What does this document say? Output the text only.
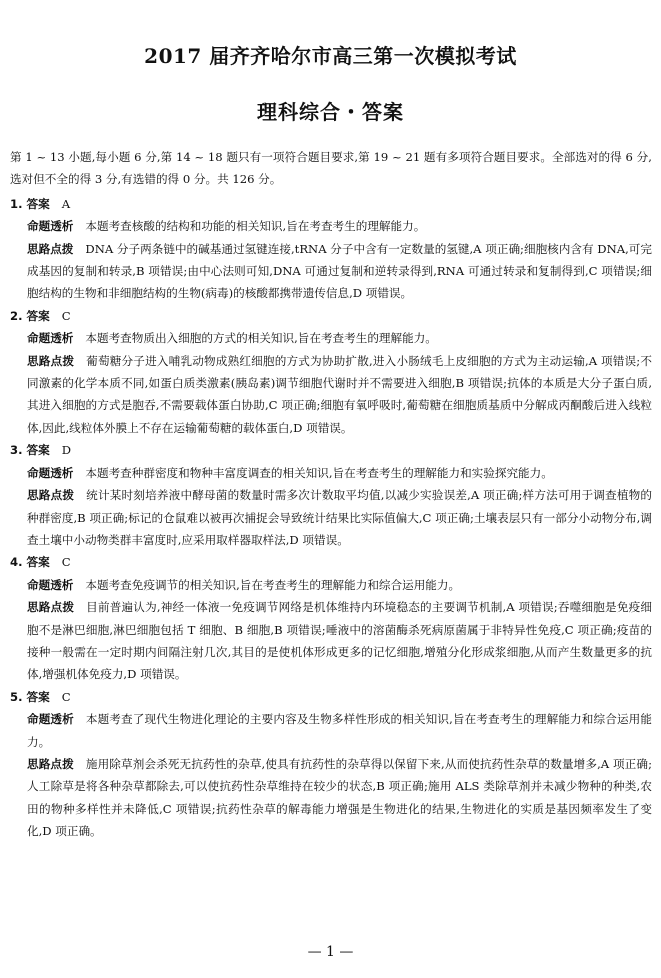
2017 届齐齐哈尔市高三第一次模拟考试
理科综合・答案

第 1 ~ 13 小题,每小题 6 分,第 14 ~ 18 题只有一项符合题目要求,第 19 ~ 21 题有多项符合题目要求。全部选对的得 6 分,选对但不全的得 3 分,有选错的得 0 分。共 126 分。

1. 答案 A

命题透析 本题考查核酸的结构和功能的相关知识,旨在考查考生的理解能力。

思路点拨 DNA 分子两条链中的碱基通过氢键连接,tRNA 分子中含有一定数量的氢键,A 项正确;细胞核内含有 DNA,可完成基因的复制和转录,B 项错误;由中心法则可知,DNA 可通过复制和逆转录得到,RNA 可通过转录和复制得到,C 项错误;细胞结构的生物和非细胞结构的生物(病毒)的核酸都携带遗传信息,D 项错误。

2. 答案 C

命题透析 本题考查物质出入细胞的方式的相关知识,旨在考查考生的理解能力。

思路点拨 葡萄糖分子进入哺乳动物成熟红细胞的方式为协助扩散,进入小肠绒毛上皮细胞的方式为主动运输,A 项错误;不同激素的化学本质不同,如蛋白质类激素(胰岛素)调节细胞代谢时并不需要进入细胞,B 项错误;抗体的本质是大分子蛋白质,其进入细胞的方式是胞吞,不需要载体蛋白协助,C 项正确;细胞有氧呼吸时,葡萄糖在细胞质基质中分解成丙酮酸后进入线粒体,因此,线粒体外膜上不存在运输葡萄糖的载体蛋白,D 项错误。

3. 答案 D

命题透析 本题考查种群密度和物种丰富度调查的相关知识,旨在考查考生的理解能力和实验探究能力。

思路点拨 统计某时刻培养液中酵母菌的数量时需多次计数取平均值,以减少实验误差,A 项正确;样方法可用于调查植物的种群密度,B 项正确;标记的仓鼠难以被再次捕捉会导致统计结果比实际值偏大,C 项正确;土壤表层只有一部分小动物分布,调查土壤中小动物类群丰富度时,应采用取样器取样法,D 项错误。

4. 答案 C

命题透析 本题考查免疫调节的相关知识,旨在考查考生的理解能力和综合运用能力。

思路点拨 目前普遍认为,神经一体液一免疫调节网络是机体维持内环境稳态的主要调节机制,A 项错误;吞噬细胞是免疫细胞不是淋巴细胞,淋巴细胞包括 T 细胞、B 细胞,B 项错误;唾液中的溶菌酶杀死病原菌属于非特异性免疫,C 项正确;疫苗的接种一般需在一定时期内间隔注射几次,其目的是使机体形成更多的记忆细胞,增殖分化形成浆细胞,从而产生数量更多的抗体,增强机体免疫力,D 项错误。

5. 答案 C

命题透析 本题考查了现代生物进化理论的主要内容及生物多样性形成的相关知识,旨在考查考生的理解能力和综合运用能力。

思路点拨 施用除草剂会杀死无抗药性的杂草,使具有抗药性的杂草得以保留下来,从而使抗药性杂草的数量增多,A 项正确;人工除草是将各种杂草都除去,可以使抗药性杂草维持在较少的状态,B 项正确;施用 ALS 类除草剂并未减少物种的种类,农田的物种多样性并未降低,C 项错误;抗药性杂草的解毒能力增强是生物进化的结果,生物进化的实质是基因频率发生了变化,D 项正确。

— 1 —
